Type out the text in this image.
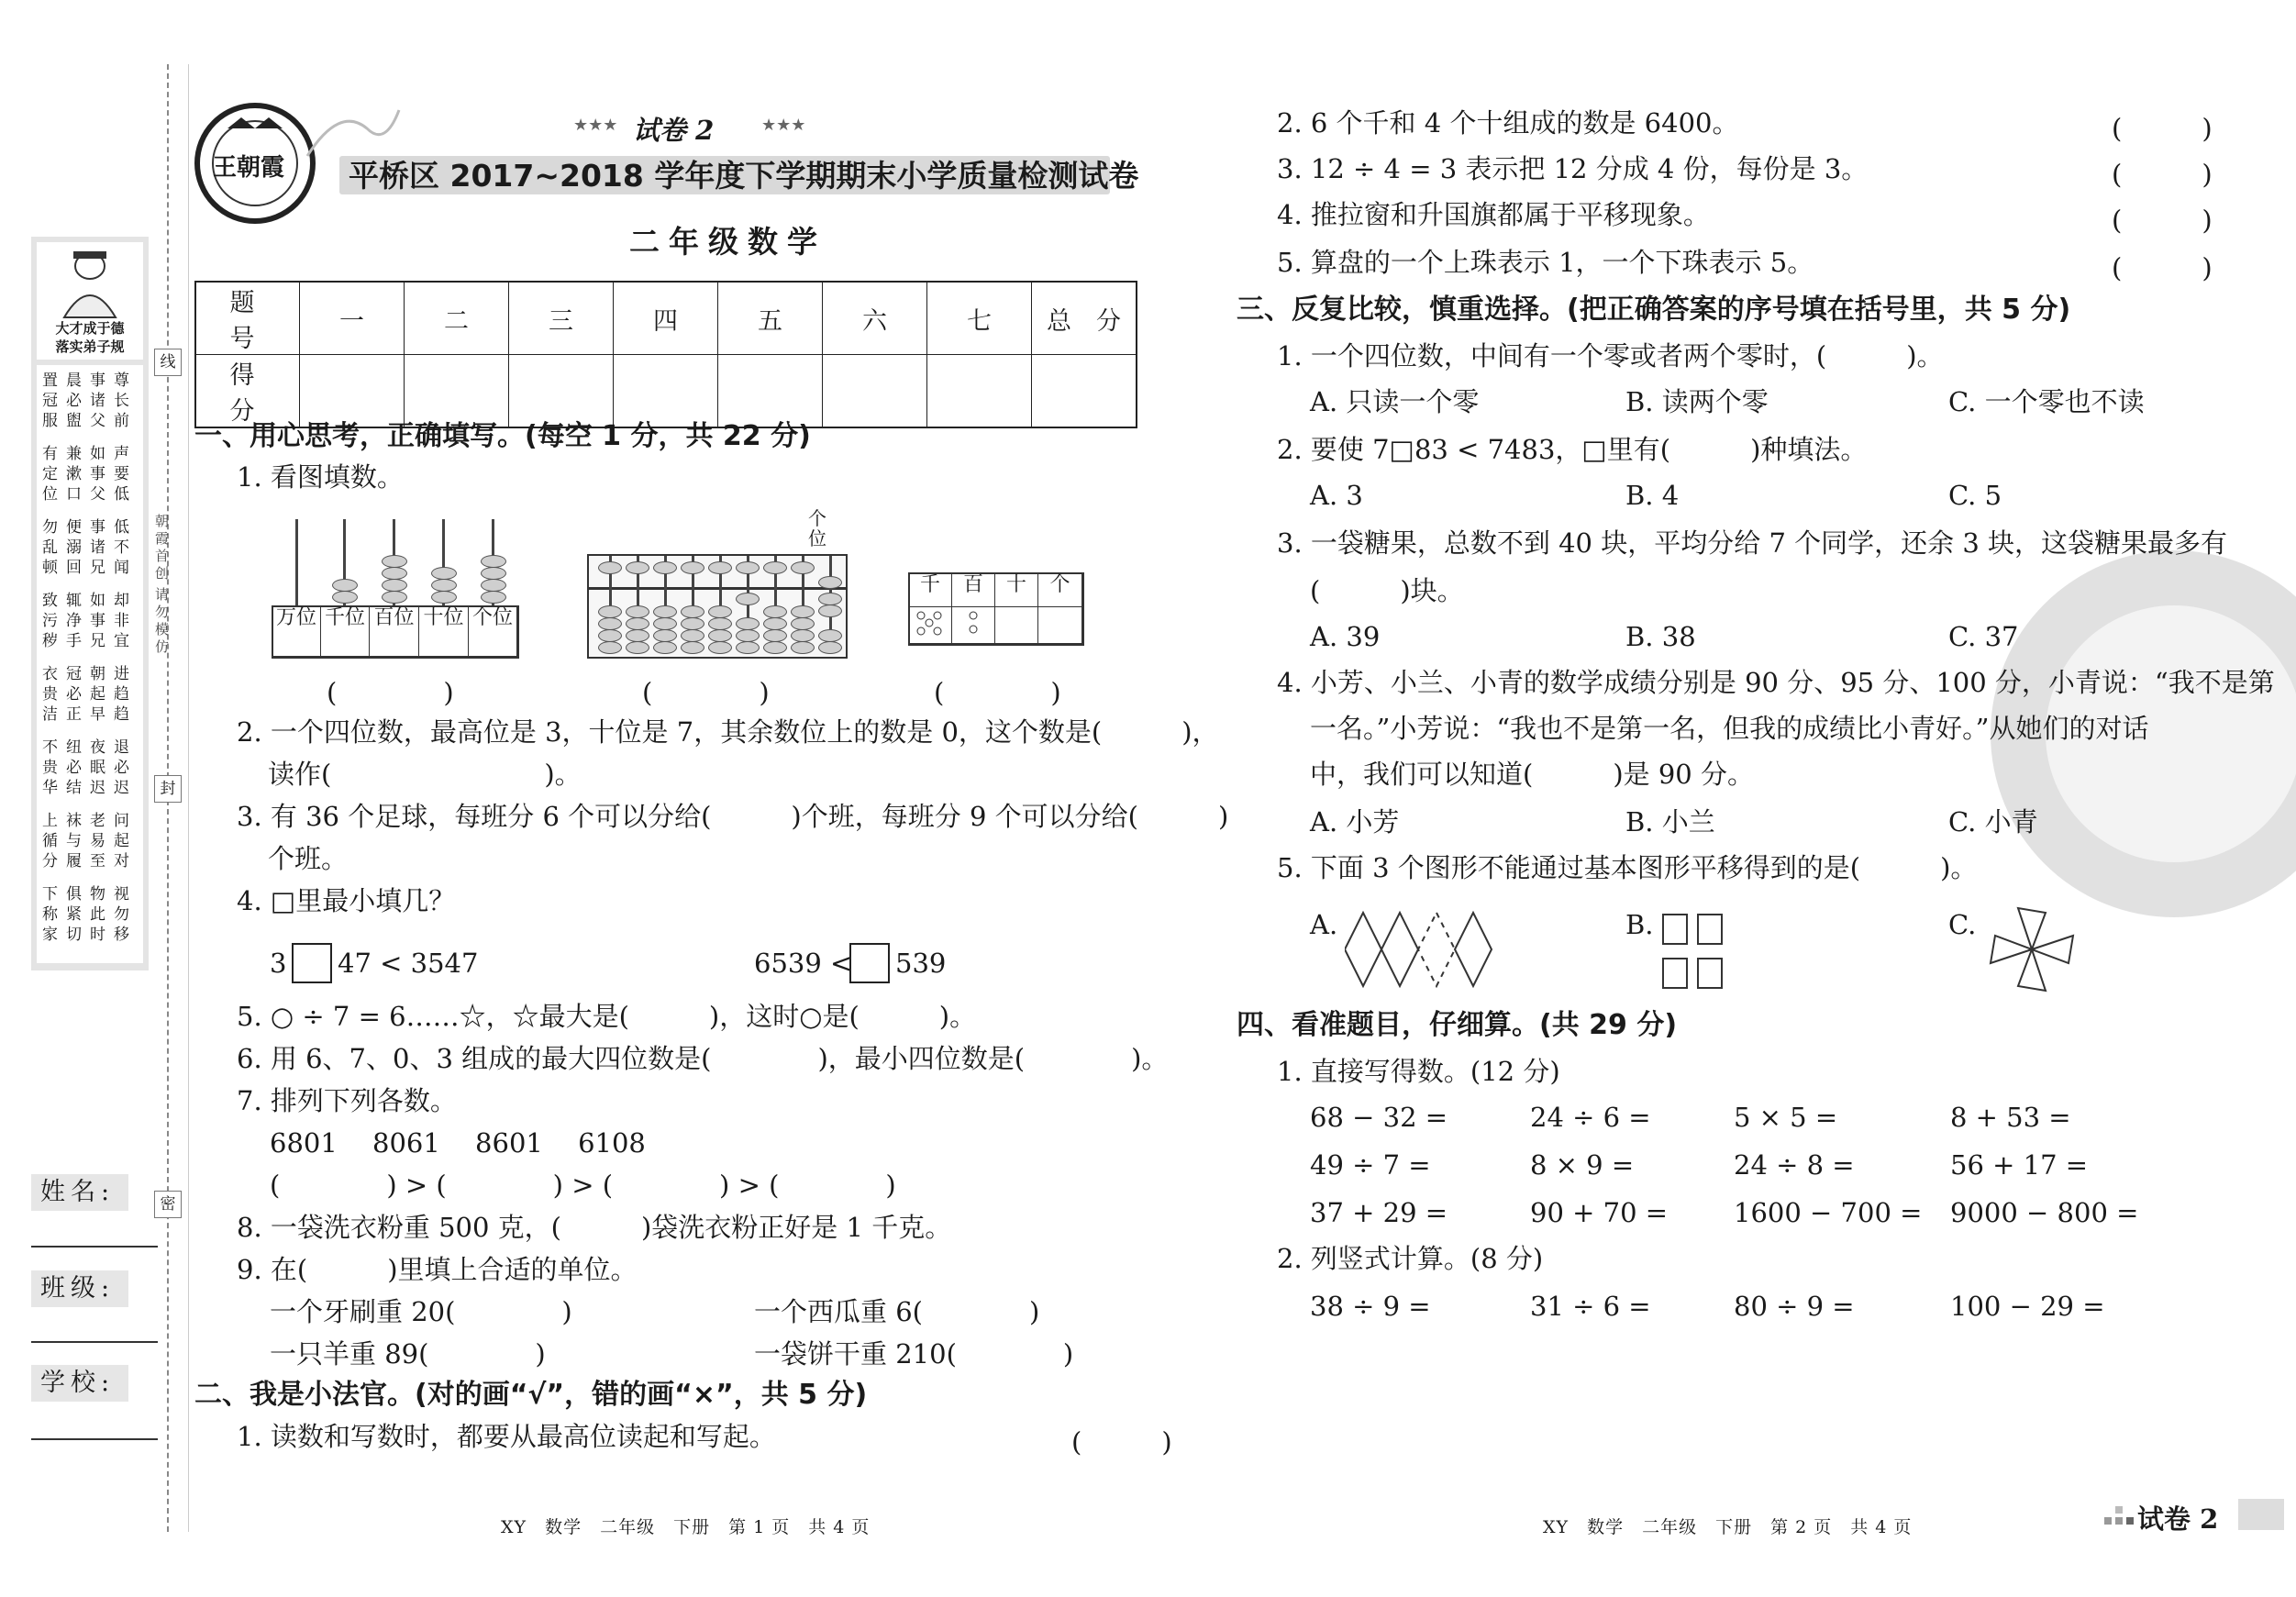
线
封
密
朝霞首创
请勿模仿
大才成于德
落实弟子规
置晨事尊
冠必诸长
服盥父前
有兼如声
定漱事要
位口父低
勿便事低
乱溺诸不
顿回兄闻
致辄如却
污净事非
秽手兄宜
衣冠朝进
贵必起趋
洁正早趋
不纽夜退
贵必眠必
华结迟迟
上袜老问
循与易起
分履至对
下俱物视
称紧此勿
家切时移
姓名:
班级:
学校:
王朝霞
★★★ 试卷 2	★★★
平桥区 2017~2018 学年度下学期期末小学质量检测试卷
二年级数学
题　号	一	二	三	四	五	六	七	总　分
得　分								
一、用心思考，正确填写。(每空 1 分，共 22 分)
1. 看图填数。
万位 千位 百位 十位 个位
个位
千	百	十	个
(　　　　)	(　　　　)	(　　　　)
2. 一个四位数，最高位是 3，十位是 7，其余数位上的数是 0，这个数是(　　　)，
读作(　　　　　　　　)。
3. 有 36 个足球，每班分 6 个可以分给(　　　)个班，每班分 9 个可以分给(　　　)
个班。
4. □里最小填几？
3 47 < 3547	6539 < 539
5. ○ ÷ 7 = 6……☆，☆最大是(　　　)，这时○是(　　　)。
6. 用 6、7、0、3 组成的最大四位数是(　　　　)，最小四位数是(　　　　)。
7. 排列下列各数。
6801　 8061　 8601　 6108
(　　　　) > (　　　　) > (　　　　) > (　　　　)
8. 一袋洗衣粉重 500 克，(　　　)袋洗衣粉正好是 1 千克。
9. 在(　　　)里填上合适的单位。
一个牙刷重 20(　　　　)	一个西瓜重 6(　　　　)
一只羊重 89(　　　　)	一袋饼干重 210(　　　　)
二、我是小法官。(对的画“√”，错的画“×”，共 5 分)
1. 读数和写数时，都要从最高位读起和写起。	(　　　)
2. 6 个千和 4 个十组成的数是 6400。	(　　　)
3. 12 ÷ 4 = 3 表示把 12 分成 4 份，每份是 3。	(　　　)
4. 推拉窗和升国旗都属于平移现象。	(　　　)
5. 算盘的一个上珠表示 1，一个下珠表示 5。	(　　　)
三、反复比较，慎重选择。(把正确答案的序号填在括号里，共 5 分)
1. 一个四位数，中间有一个零或者两个零时，(　　　)。
A. 只读一个零	B. 读两个零	C. 一个零也不读
2. 要使 7□83 < 7483，□里有(　　　)种填法。
A. 3	B. 4	C. 5
3. 一袋糖果，总数不到 40 块，平均分给 7 个同学，还余 3 块，这袋糖果最多有
(　　　)块。
A. 39	B. 38	C. 37
4. 小芳、小兰、小青的数学成绩分别是 90 分、95 分、100 分，小青说：“我不是第
一名。”小芳说：“我也不是第一名，但我的成绩比小青好。”从她们的对话
中，我们可以知道(　　　)是 90 分。
A. 小芳	B. 小兰	C. 小青
5. 下面 3 个图形不能通过基本图形平移得到的是(　　　)。
A.	B.	C.
四、看准题目，仔细算。(共 29 分)
1. 直接写得数。(12 分)
68 − 32 =	24 ÷ 6 =	5 × 5 =	8 + 53 =
49 ÷ 7 =	8 × 9 =	24 ÷ 8 =	56 + 17 =
37 + 29 =	90 + 70 = 1600 − 700 = 9000 − 800 =
2. 列竖式计算。(8 分)
38 ÷ 9 =	31 ÷ 6 =	80 ÷ 9 =	100 − 29 =
XY　数学　二年级　下册　第 1 页　共 4 页	XY　数学　二年级　下册　第 2 页　共 4 页	试卷 2
